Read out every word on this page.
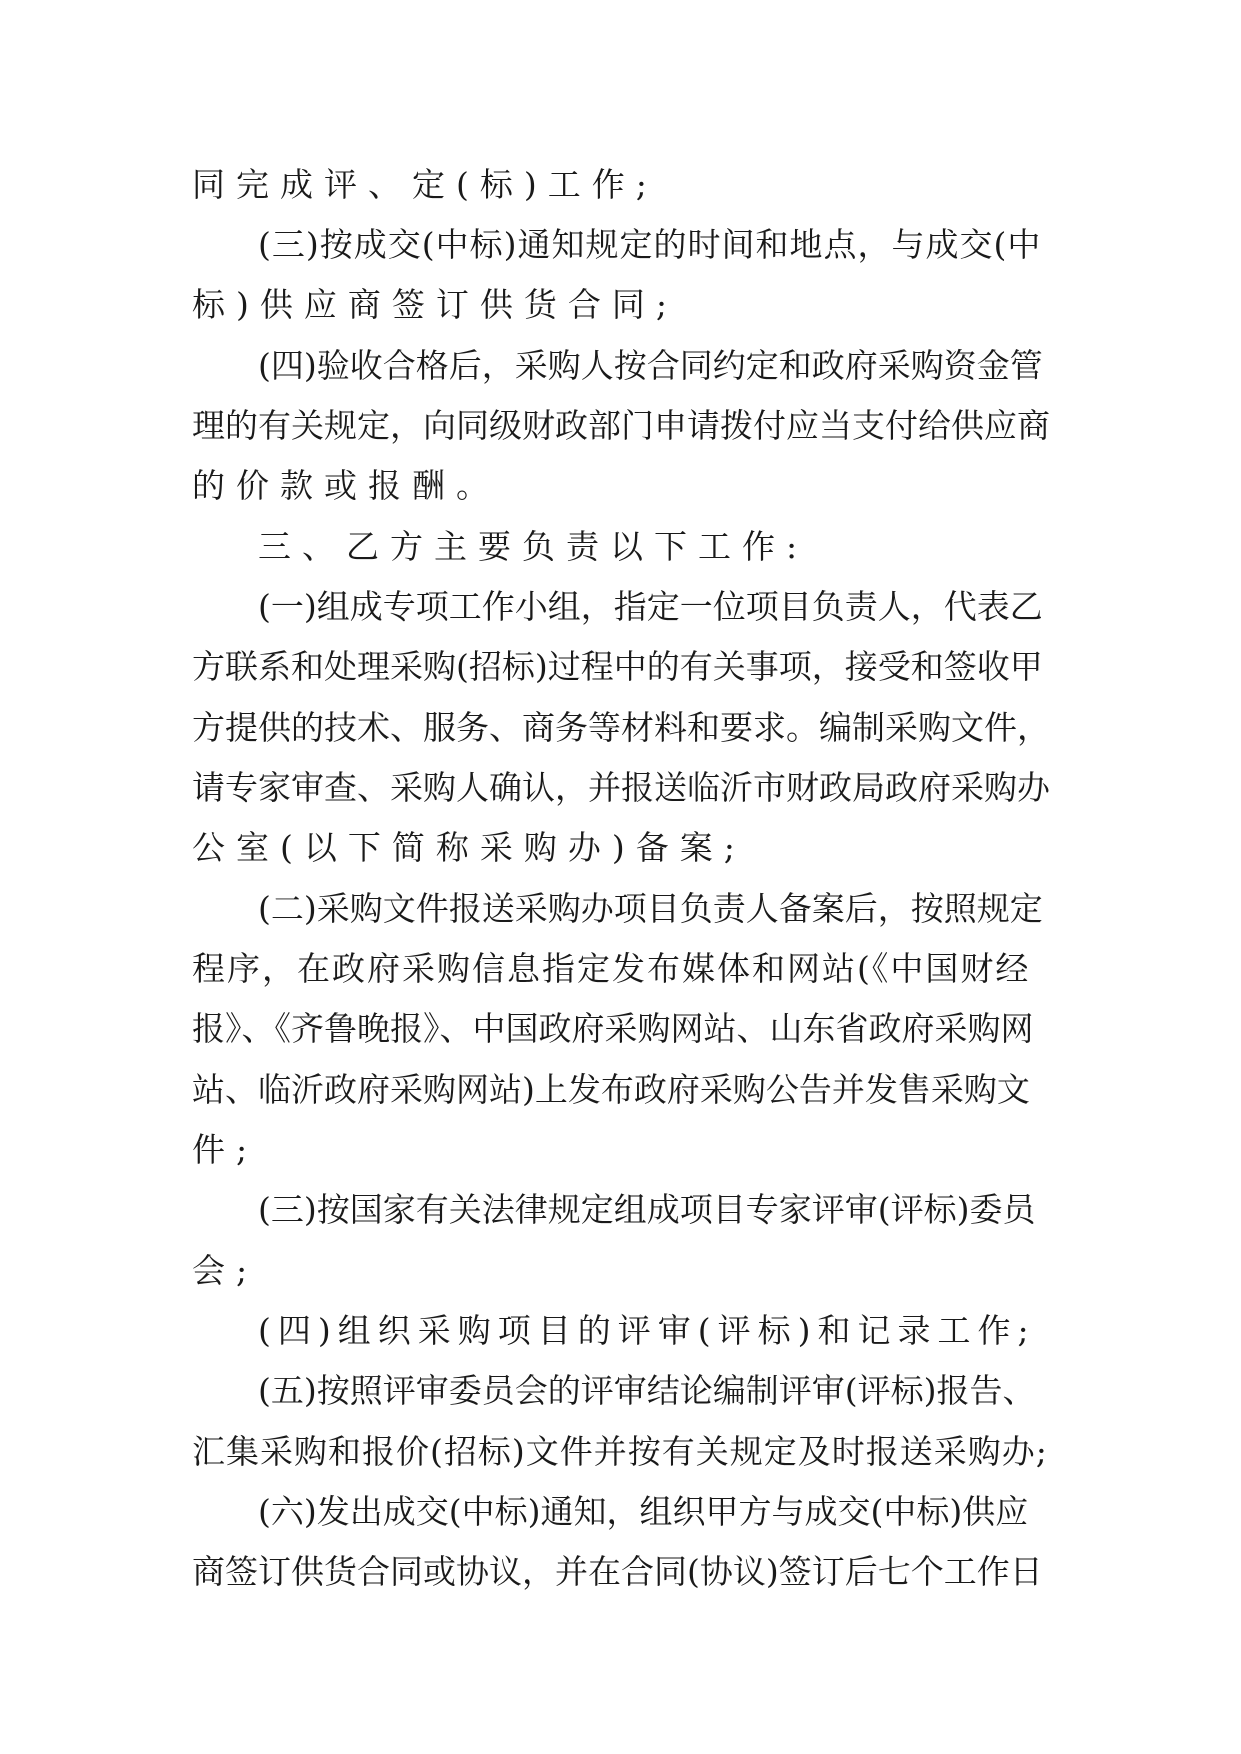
同完成评、定(标)工作;
(三)按成交(中标)通知规定的时间和地点，与成交(中
标)供应商签订供货合同;
(四)验收合格后，采购人按合同约定和政府采购资金管
理的有关规定，向同级财政部门申请拨付应当支付给供应商
的价款或报酬。
三、乙方主要负责以下工作:
(一)组成专项工作小组，指定一位项目负责人，代表乙
方联系和处理采购(招标)过程中的有关事项，接受和签收甲
方提供的技术、服务、商务等材料和要求。编制采购文件，
请专家审查、采购人确认，并报送临沂市财政局政府采购办
公室(以下简称采购办)备案;
(二)采购文件报送采购办项目负责人备案后，按照规定
程序，在政府采购信息指定发布媒体和网站(《中国财经
报》、《齐鲁晚报》、中国政府采购网站、山东省政府采购网
站、临沂政府采购网站)上发布政府采购公告并发售采购文
件;
(三)按国家有关法律规定组成项目专家评审(评标)委员
会;
(四)组织采购项目的评审(评标)和记录工作;
(五)按照评审委员会的评审结论编制评审(评标)报告、
汇集采购和报价(招标)文件并按有关规定及时报送采购办;
(六)发出成交(中标)通知，组织甲方与成交(中标)供应
商签订供货合同或协议，并在合同(协议)签订后七个工作日
